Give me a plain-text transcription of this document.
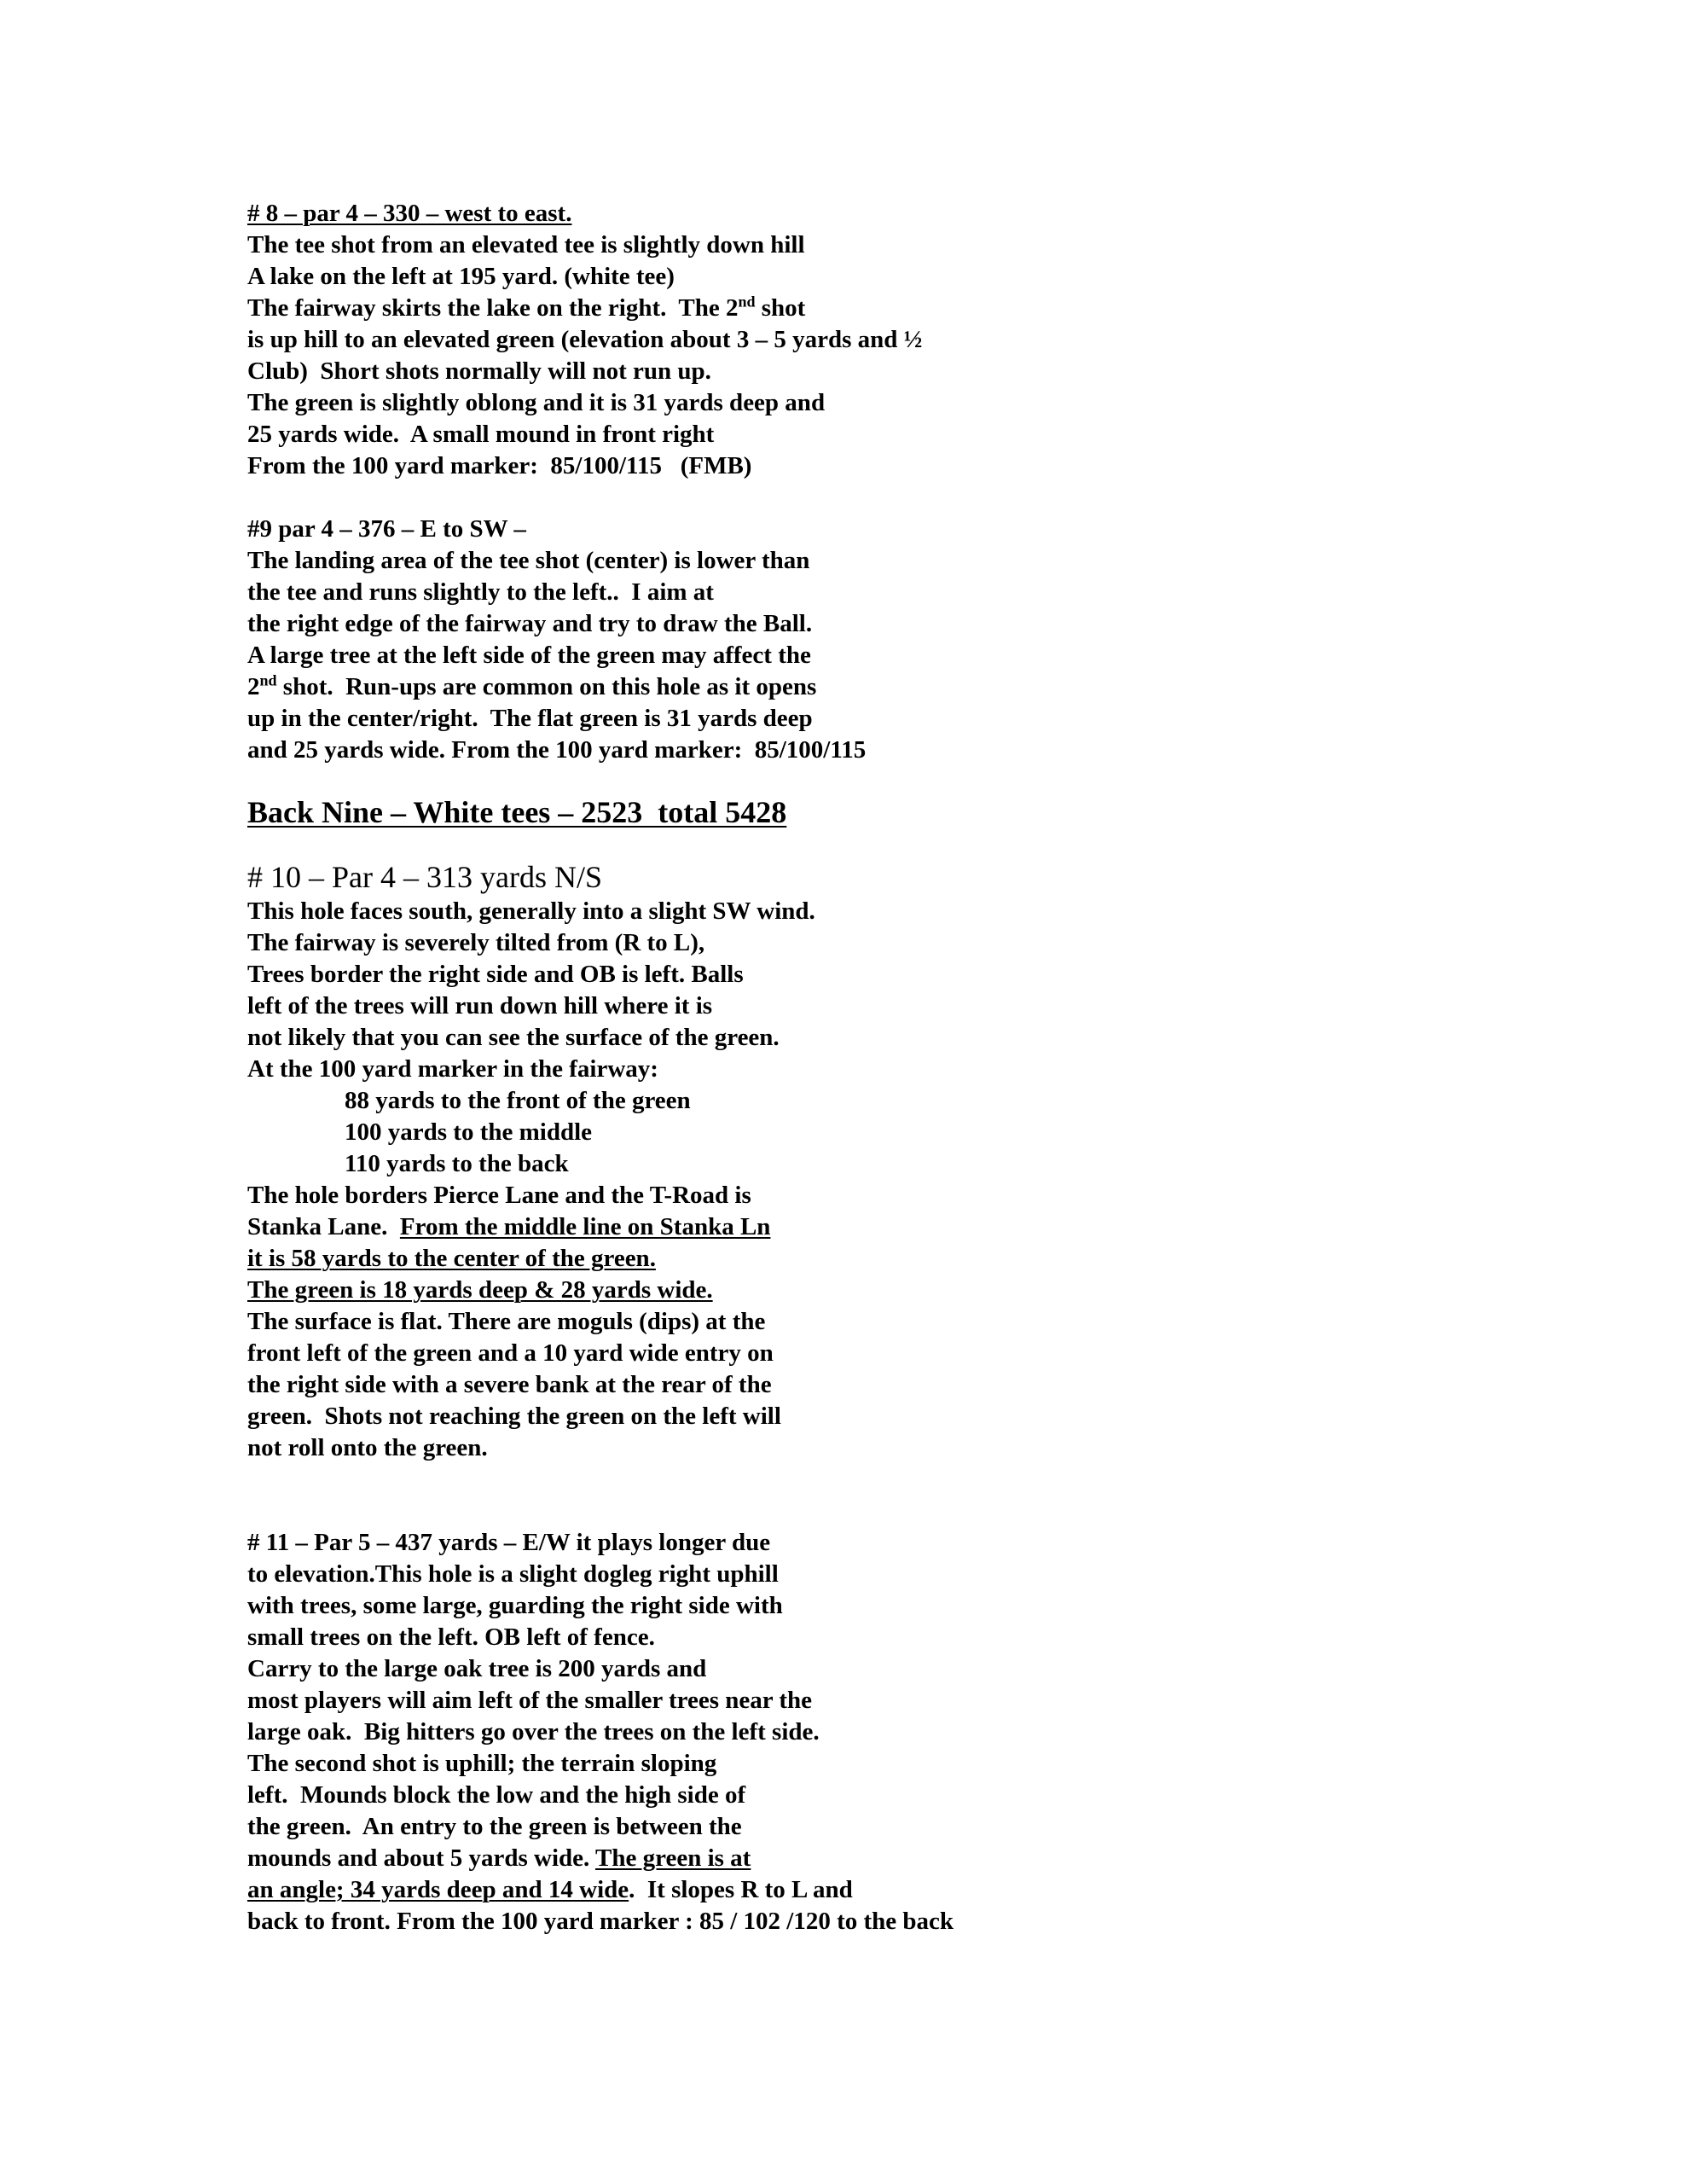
# 8 – par 4 – 330 – west to east.
The tee shot from an elevated tee is slightly down hill
A lake on the left at 195 yard. (white tee)
The fairway skirts the lake on the right.  The 2nd shot
is up hill to an elevated green (elevation about 3 – 5 yards and ½
Club)  Short shots normally will not run up.
The green is slightly oblong and it is 31 yards deep and
25 yards wide.  A small mound in front right
From the 100 yard marker:  85/100/115   (FMB)
#9 par 4 – 376 – E to SW –
The landing area of the tee shot (center) is lower than
the tee and runs slightly to the left..  I aim at
the right edge of the fairway and try to draw the Ball.
A large tree at the left side of the green may affect the
2nd shot.  Run-ups are common on this hole as it opens
up in the center/right.  The flat green is 31 yards deep
and 25 yards wide. From the 100 yard marker:  85/100/115
Back Nine – White tees – 2523  total 5428
# 10 – Par 4 – 313 yards N/S
This hole faces south, generally into a slight SW wind.
The fairway is severely tilted from (R to L),
Trees border the right side and OB is left. Balls
left of the trees will run down hill where it is
not likely that you can see the surface of the green.
At the 100 yard marker in the fairway:
88 yards to the front of the green
100 yards to the middle
110 yards to the back
The hole borders Pierce Lane and the T-Road is
Stanka Lane.  From the middle line on Stanka Ln
it is 58 yards to the center of the green.
The green is 18 yards deep & 28 yards wide.
The surface is flat. There are moguls (dips) at the
front left of the green and a 10 yard wide entry on
the right side with a severe bank at the rear of the
green.  Shots not reaching the green on the left will
not roll onto the green.
# 11 – Par 5 – 437 yards – E/W it plays longer due
to elevation.This hole is a slight dogleg right uphill
with trees, some large, guarding the right side with
small trees on the left. OB left of fence.
Carry to the large oak tree is 200 yards and
most players will aim left of the smaller trees near the
large oak.  Big hitters go over the trees on the left side.
The second shot is uphill; the terrain sloping
left.  Mounds block the low and the high side of
the green.  An entry to the green is between the
mounds and about 5 yards wide. The green is at
an angle; 34 yards deep and 14 wide.  It slopes R to L and
back to front. From the 100 yard marker : 85 / 102 /120 to the back
